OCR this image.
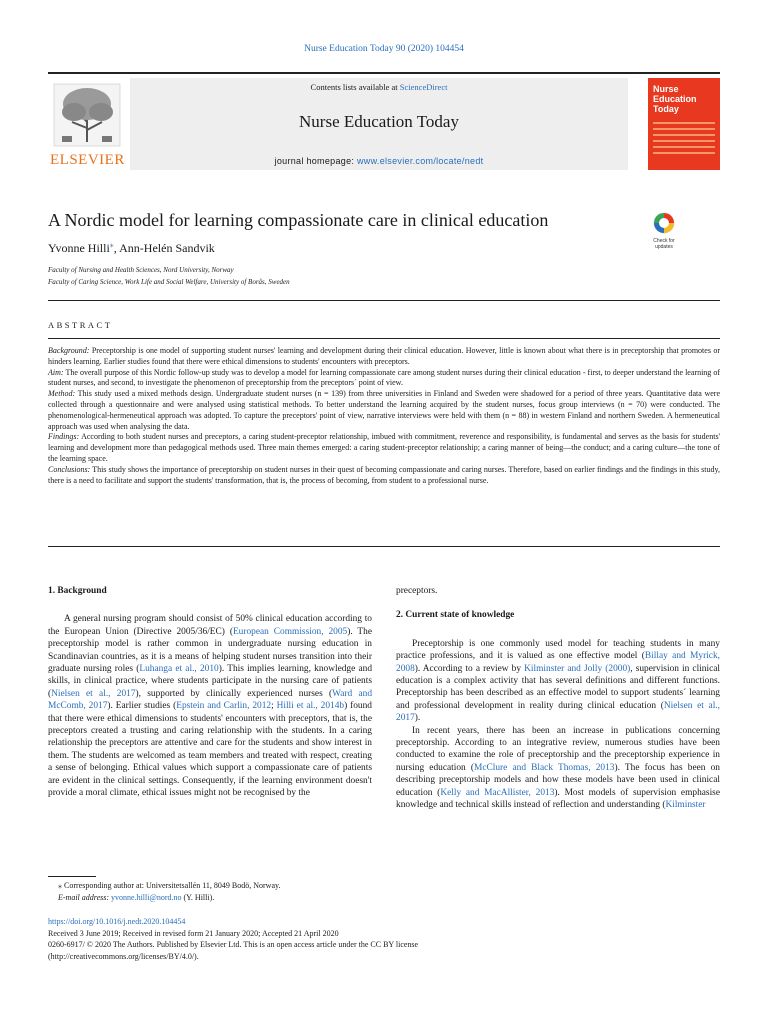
Nurse Education Today 90 (2020) 104454
ELSEVIER
Contents lists available at ScienceDirect
Nurse Education Today
journal homepage: www.elsevier.com/locate/nedt
Nurse
Education
Today
A Nordic model for learning compassionate care in clinical education
Check for updates
Yvonne Hilli⁎, Ann-Helén Sandvik
Faculty of Nursing and Health Sciences, Nord University, Norway
Faculty of Caring Science, Work Life and Social Welfare, University of Borås, Sweden
ABSTRACT

Background: Preceptorship is one model of supporting student nurses' learning and development during their clinical education. However, little is known about what there is in preceptorship that promotes or hinders learning. Earlier studies found that there were ethical dimensions to students' encounters with preceptors.

Aim: The overall purpose of this Nordic follow-up study was to develop a model for learning compassionate care among student nurses during their clinical education - first, to deeper understand the learning of student nurses, and second, to investigate the phenomenon of preceptorship from the preceptors´ point of view.

Method: This study used a mixed methods design. Undergraduate student nurses (n = 139) from three universities in Finland and Sweden were shadowed for a period of three years. Quantitative data were collected through a questionnaire and were analysed using statistical methods. To better understand the learning acquired by the student nurses, focus group interviews (n = 70) were conducted. The phenomenological-hermeneutical approach was adopted. To capture the preceptors' point of view, narrative interviews were held with them (n = 88) in western Finland and northern Sweden. A hermeneutical approach was used when analysing the data.

Findings: According to both student nurses and preceptors, a caring student-preceptor relationship, imbued with commitment, reverence and responsibility, is fundamental and serves as the basis for students' learning and development more than pedagogical methods used. Three main themes emerged: a caring student-preceptor relationship; a caring manner of being—the conduct; and a caring culture—the tone of the learning space.

Conclusions: This study shows the importance of preceptorship on student nurses in their quest of becoming compassionate and caring nurses. Therefore, based on earlier findings and the findings in this study, there is a need to facilitate and support the students' transformation, that is, the process of becoming, from student to a professional nurse.

1. Background

A general nursing program should consist of 50% clinical education according to the European Union (Directive 2005/36/EC) (European Commission, 2005). The preceptorship model is rather common in undergraduate nursing education in Scandinavian countries, as it is a means of helping student nurses transition into their graduate nursing roles (Luhanga et al., 2010). This implies learning, knowledge and skills, in clinical practice, where students participate in the nursing care of patients (Nielsen et al., 2017), supported by clinically experienced nurses (Ward and McComb, 2017). Earlier studies (Epstein and Carlin, 2012; Hilli et al., 2014b) found that there were ethical dimensions to students' encounters with preceptors, that is, the preceptors created a trusting and caring relationship with the students. In a caring relationship the preceptors are attentive and care for the students and show interest in them. The students are welcomed as team members and treated with respect, creating a sense of belonging. Ethical values which support a compassionate care of patients are evident in the clinical settings. Consequently, if the learning environment doesn't provide a moral climate, ethical issues might not be recognised by the

preceptors.
2. Current state of knowledge

Preceptorship is one commonly used model for teaching students in many practice professions, and it is valued as one effective model (Billay and Myrick, 2008). According to a review by Kilminster and Jolly (2000), supervision in clinical education is a complex activity that has several definitions and different functions. Preceptorship has been described as an effective model to support students´ learning and professional development in reality during clinical education (Nielsen et al., 2017).

In recent years, there has been an increase in publications concerning preceptorship. According to an integrative review, numerous studies have been conducted to examine the role of preceptorship and the preceptorship experience in nursing education (McClure and Black Thomas, 2013). The focus has been on describing preceptorship models and how these models have been used in clinical education (Kelly and MacAllister, 2013). Most models of supervision emphasise knowledge and technical skills instead of reflection and understanding (Kilminster

⁎ Corresponding author at: Universitetsallén 11, 8049 Bodö, Norway.
E-mail address: yvonne.hilli@nord.no (Y. Hilli).
https://doi.org/10.1016/j.nedt.2020.104454
Received 3 June 2019; Received in revised form 21 January 2020; Accepted 21 April 2020
0260-6917/ © 2020 The Authors. Published by Elsevier Ltd. This is an open access article under the CC BY license
(http://creativecommons.org/licenses/BY/4.0/).
